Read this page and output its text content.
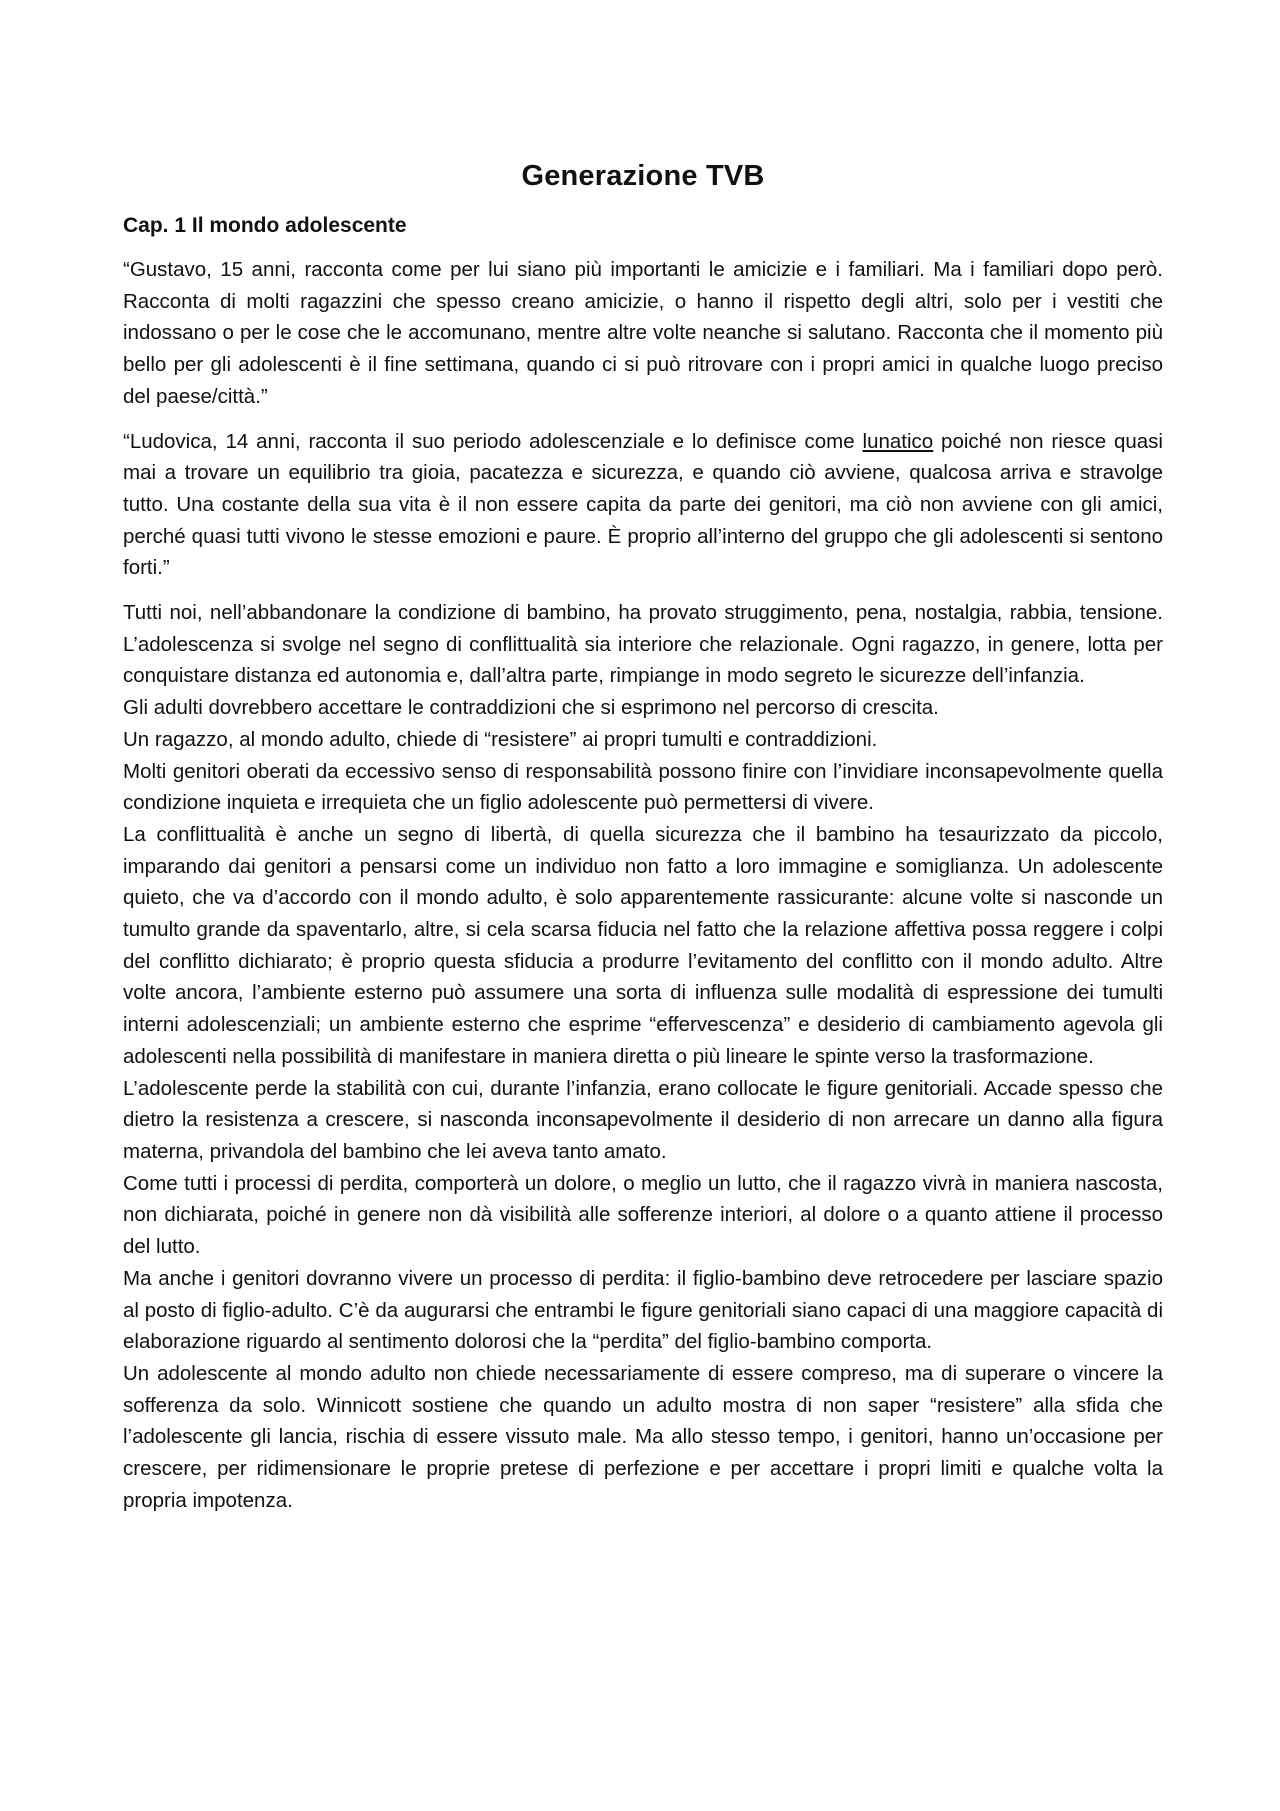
Generazione TVB
Cap. 1 Il mondo adolescente

“Gustavo, 15 anni, racconta come per lui siano più importanti le amicizie e i familiari. Ma i familiari dopo però. Racconta di molti ragazzini che spesso creano amicizie, o hanno il rispetto degli altri, solo per i vestiti che indossano o per le cose che le accomunano, mentre altre volte neanche si salutano. Racconta che il momento più bello per gli adolescenti è il fine settimana, quando ci si può ritrovare con i propri amici in qualche luogo preciso del paese/città.”

“Ludovica, 14 anni, racconta il suo periodo adolescenziale e lo definisce come lunatico poiché non riesce quasi mai a trovare un equilibrio tra gioia, pacatezza e sicurezza, e quando ciò avviene, qualcosa arriva e stravolge tutto. Una costante della sua vita è il non essere capita da parte dei genitori, ma ciò non avviene con gli amici, perché quasi tutti vivono le stesse emozioni e paure. È proprio all’interno del gruppo che gli adolescenti si sentono forti.”

Tutti noi, nell’abbandonare la condizione di bambino, ha provato struggimento, pena, nostalgia, rabbia, tensione. L’adolescenza si svolge nel segno di conflittualità sia interiore che relazionale. Ogni ragazzo, in genere, lotta per conquistare distanza ed autonomia e, dall’altra parte, rimpiange in modo segreto le sicurezze dell’infanzia.

Gli adulti dovrebbero accettare le contraddizioni che si esprimono nel percorso di crescita.

Un ragazzo, al mondo adulto, chiede di “resistere” ai propri tumulti e contraddizioni.

Molti genitori oberati da eccessivo senso di responsabilità possono finire con l’invidiare inconsapevolmente quella condizione inquieta e irrequieta che un figlio adolescente può permettersi di vivere.

La conflittualità è anche un segno di libertà, di quella sicurezza che il bambino ha tesaurizzato da piccolo, imparando dai genitori a pensarsi come un individuo non fatto a loro immagine e somiglianza. Un adolescente quieto, che va d’accordo con il mondo adulto, è solo apparentemente rassicurante: alcune volte si nasconde un tumulto grande da spaventarlo, altre, si cela scarsa fiducia nel fatto che la relazione affettiva possa reggere i colpi del conflitto dichiarato; è proprio questa sfiducia a produrre l’evitamento del conflitto con il mondo adulto. Altre volte ancora, l’ambiente esterno può assumere una sorta di influenza sulle modalità di espressione dei tumulti interni adolescenziali; un ambiente esterno che esprime “effervescenza” e desiderio di cambiamento agevola gli adolescenti nella possibilità di manifestare in maniera diretta o più lineare le spinte verso la trasformazione.

L’adolescente perde la stabilità con cui, durante l’infanzia, erano collocate le figure genitoriali. Accade spesso che dietro la resistenza a crescere, si nasconda inconsapevolmente il desiderio di non arrecare un danno alla figura materna, privandola del bambino che lei aveva tanto amato.

Come tutti i processi di perdita, comporterà un dolore, o meglio un lutto, che il ragazzo vivrà in maniera nascosta, non dichiarata, poiché in genere non dà visibilità alle sofferenze interiori, al dolore o a quanto attiene il processo del lutto.

Ma anche i genitori dovranno vivere un processo di perdita: il figlio-bambino deve retrocedere per lasciare spazio al posto di figlio-adulto. C’è da augurarsi che entrambi le figure genitoriali siano capaci di una maggiore capacità di elaborazione riguardo al sentimento dolorosi che la “perdita” del figlio-bambino comporta.

Un adolescente al mondo adulto non chiede necessariamente di essere compreso, ma di superare o vincere la sofferenza da solo. Winnicott sostiene che quando un adulto mostra di non saper “resistere” alla sfida che l’adolescente gli lancia, rischia di essere vissuto male. Ma allo stesso tempo, i genitori, hanno un’occasione per crescere, per ridimensionare le proprie pretese di perfezione e per accettare i propri limiti e qualche volta la propria impotenza.
